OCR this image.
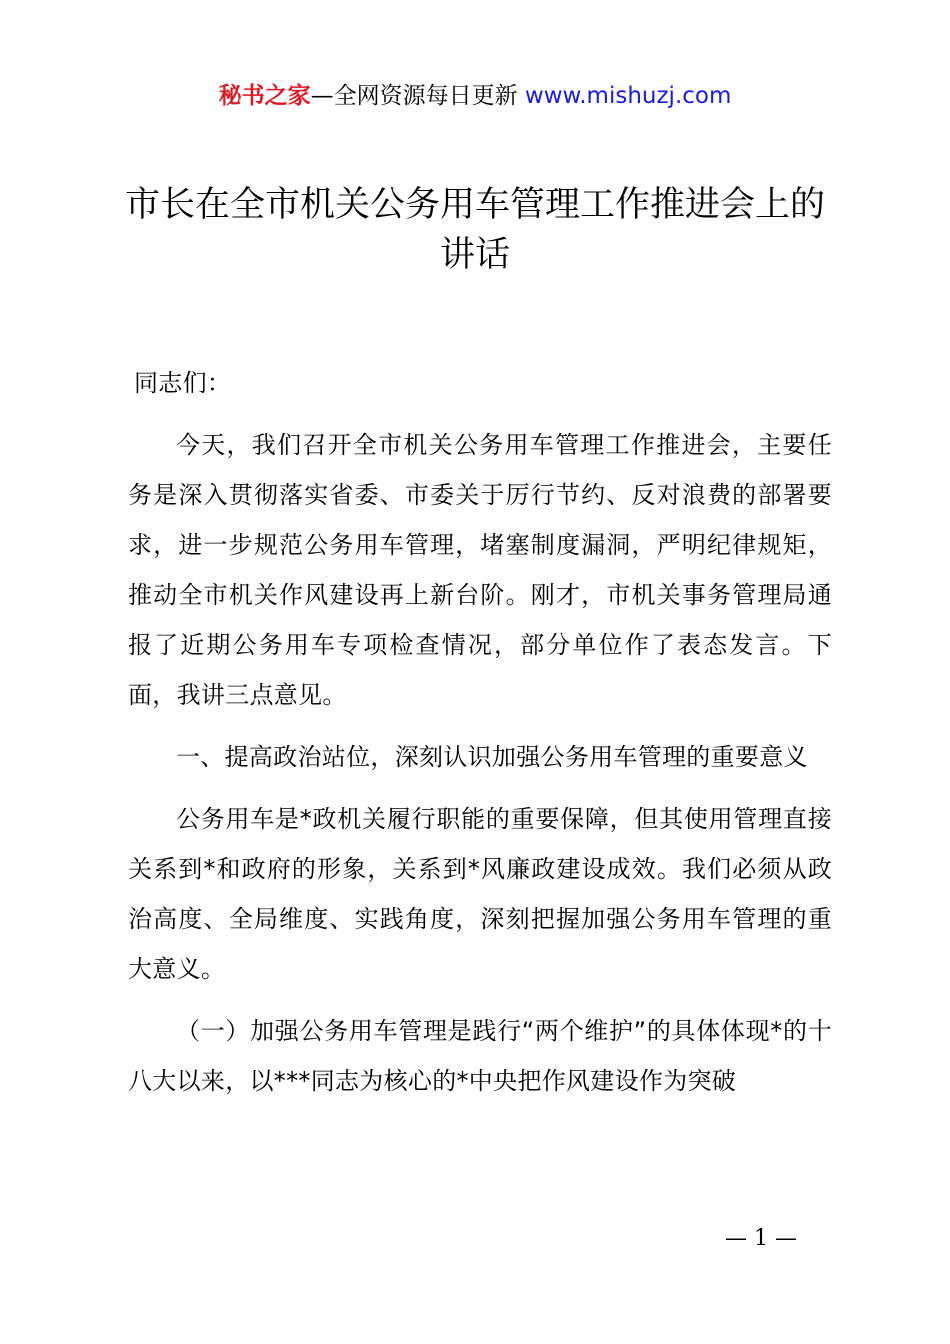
秘书之家—全网资源每日更新 www.mishuzj.com
市长在全市机关公务用车管理工作推进会上的讲话

同志们：

今天，我们召开全市机关公务用车管理工作推进会，主要任务是深入贯彻落实省委、市委关于厉行节约、反对浪费的部署要求，进一步规范公务用车管理，堵塞制度漏洞，严明纪律规矩，推动全市机关作风建设再上新台阶。刚才，市机关事务管理局通报了近期公务用车专项检查情况，部分单位作了表态发言。下面，我讲三点意见。

一、提高政治站位，深刻认识加强公务用车管理的重要意义

公务用车是*政机关履行职能的重要保障，但其使用管理直接关系到*和政府的形象，关系到*风廉政建设成效。我们必须从政治高度、全局维度、实践角度，深刻把握加强公务用车管理的重大意义。

（一）加强公务用车管理是践行“两个维护”的具体体现*的十八大以来，以***同志为核心的*中央把作风建设作为突破

— 1 —
